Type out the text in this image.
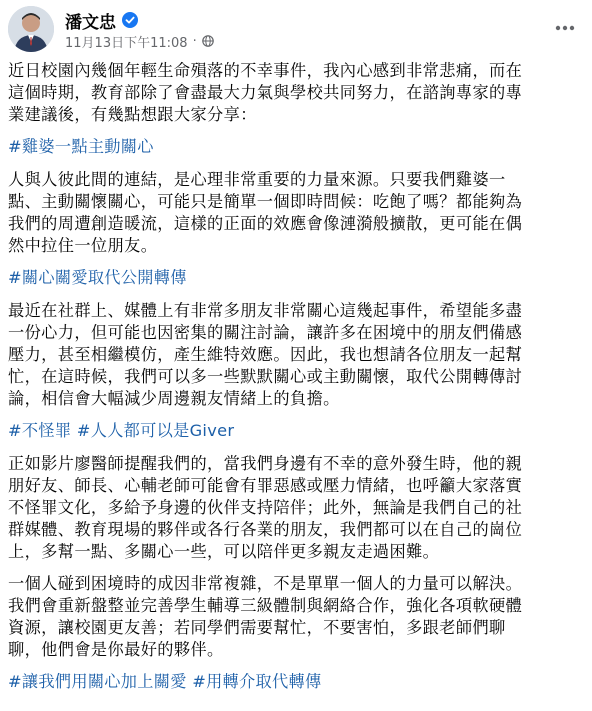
潘文忠
11月13日下午11:08 ·

近日校園內幾個年輕生命殞落的不幸事件，我內心感到非常悲痛，而在
這個時期，教育部除了會盡最大力氣與學校共同努力，在諮詢專家的專
業建議後，有幾點想跟大家分享：

#雞婆一點主動關心

人與人彼此間的連結，是心理非常重要的力量來源。只要我們雞婆一
點、主動關懷關心，可能只是簡單一個即時問候：吃飽了嗎？都能夠為
我們的周遭創造暖流，這樣的正面的效應會像漣漪般擴散，更可能在偶
然中拉住一位朋友。

#關心關愛取代公開轉傳

最近在社群上、媒體上有非常多朋友非常關心這幾起事件，希望能多盡
一份心力，但可能也因密集的關注討論，讓許多在困境中的朋友們備感
壓力，甚至相繼模仿，產生維特效應。因此，我也想請各位朋友一起幫
忙，在這時候，我們可以多一些默默關心或主動關懷，取代公開轉傳討
論，相信會大幅減少周邊親友情緒上的負擔。

#不怪罪 #人人都可以是Giver

正如影片廖醫師提醒我們的，當我們身邊有不幸的意外發生時，他的親
朋好友、師長、心輔老師可能會有罪惡感或壓力情緒，也呼籲大家落實
不怪罪文化，多給予身邊的伙伴支持陪伴；此外，無論是我們自己的社
群媒體、教育現場的夥伴或各行各業的朋友，我們都可以在自己的崗位
上，多幫一點、多關心一些，可以陪伴更多親友走過困難。

一個人碰到困境時的成因非常複雜，不是單單一個人的力量可以解決。
我們會重新盤整並完善學生輔導三級體制與網絡合作，強化各項軟硬體
資源，讓校園更友善；若同學們需要幫忙，不要害怕，多跟老師們聊
聊，他們會是你最好的夥伴。

#讓我們用關心加上關愛 #用轉介取代轉傳
